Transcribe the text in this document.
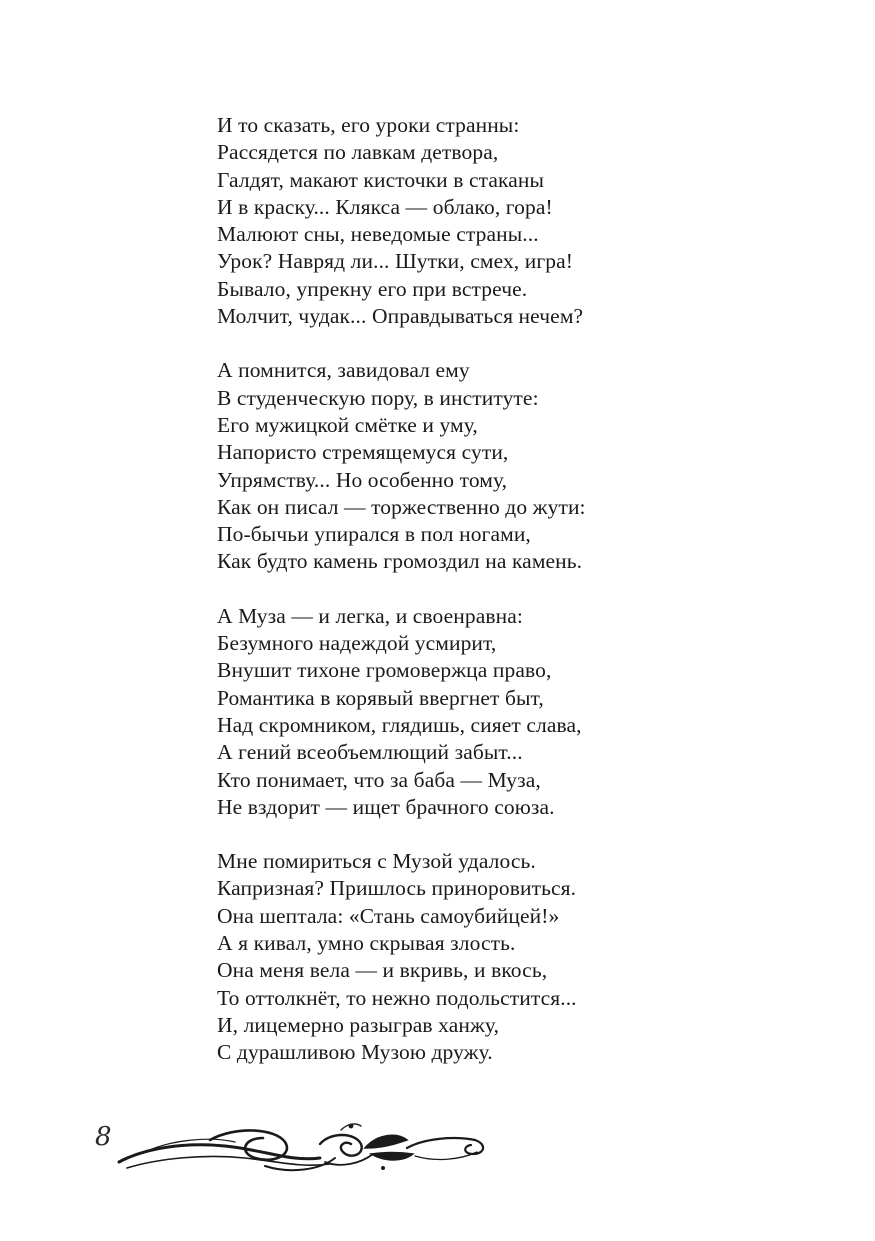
И то сказать, его уроки странны:
Рассядется по лавкам детвора,
Галдят, макают кисточки в стаканы
И в краску... Клякса — облако, гора!
Малюют сны, неведомые страны...
Урок? Навряд ли... Шутки, смех, игра!
Бывало, упрекну его при встрече.
Молчит, чудак... Оправдываться нечем?
А помнится, завидовал ему
В студенческую пору, в институте:
Его мужицкой смётке и уму,
Напористо стремящемуся сути,
Упрямству... Но особенно тому,
Как он писал — торжественно до жути:
По-бычьи упирался в пол ногами,
Как будто камень громоздил на камень.
А Муза — и легка, и своенравна:
Безумного надеждой усмирит,
Внушит тихоне громовержца право,
Романтика в корявый ввергнет быт,
Над скромником, глядишь, сияет слава,
А гений всеобъемлющий забыт...
Кто понимает, что за баба — Муза,
Не вздорит — ищет брачного союза.
Мне помириться с Музой удалось.
Капризная? Пришлось приноровиться.
Она шептала: «Стань самоубийцей!»
А я кивал, умно скрывая злость.
Она меня вела — и вкривь, и вкось,
То оттолкнёт, то нежно подольстится...
И, лицемерно разыграв ханжу,
С дурашливою Музою дружу.
8
